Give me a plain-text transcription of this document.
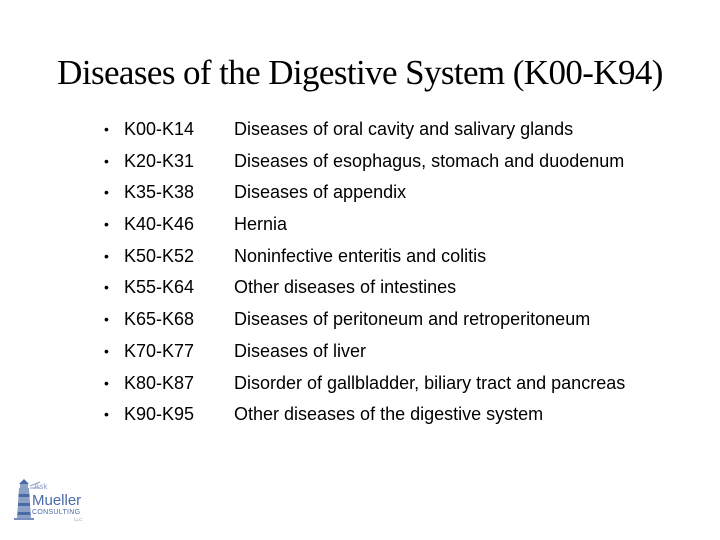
Diseases of the Digestive System (K00-K94)
• K00-K14
• K20-K31
• K35-K38
• K40-K46
• K50-K52
• K55-K64
• K65-K68
• K70-K77
• K80-K87
• K90-K95
Diseases of oral cavity and salivary glands
Diseases of esophagus, stomach and duodenum
Diseases of appendix
Hernia
Noninfective enteritis and colitis
Other diseases of intestines
Diseases of peritoneum and retroperitoneum
Diseases of liver
Disorder of gallbladder, biliary tract and pancreas
Other diseases of the digestive system
Ask
Mueller
CONSULTING
LLC
